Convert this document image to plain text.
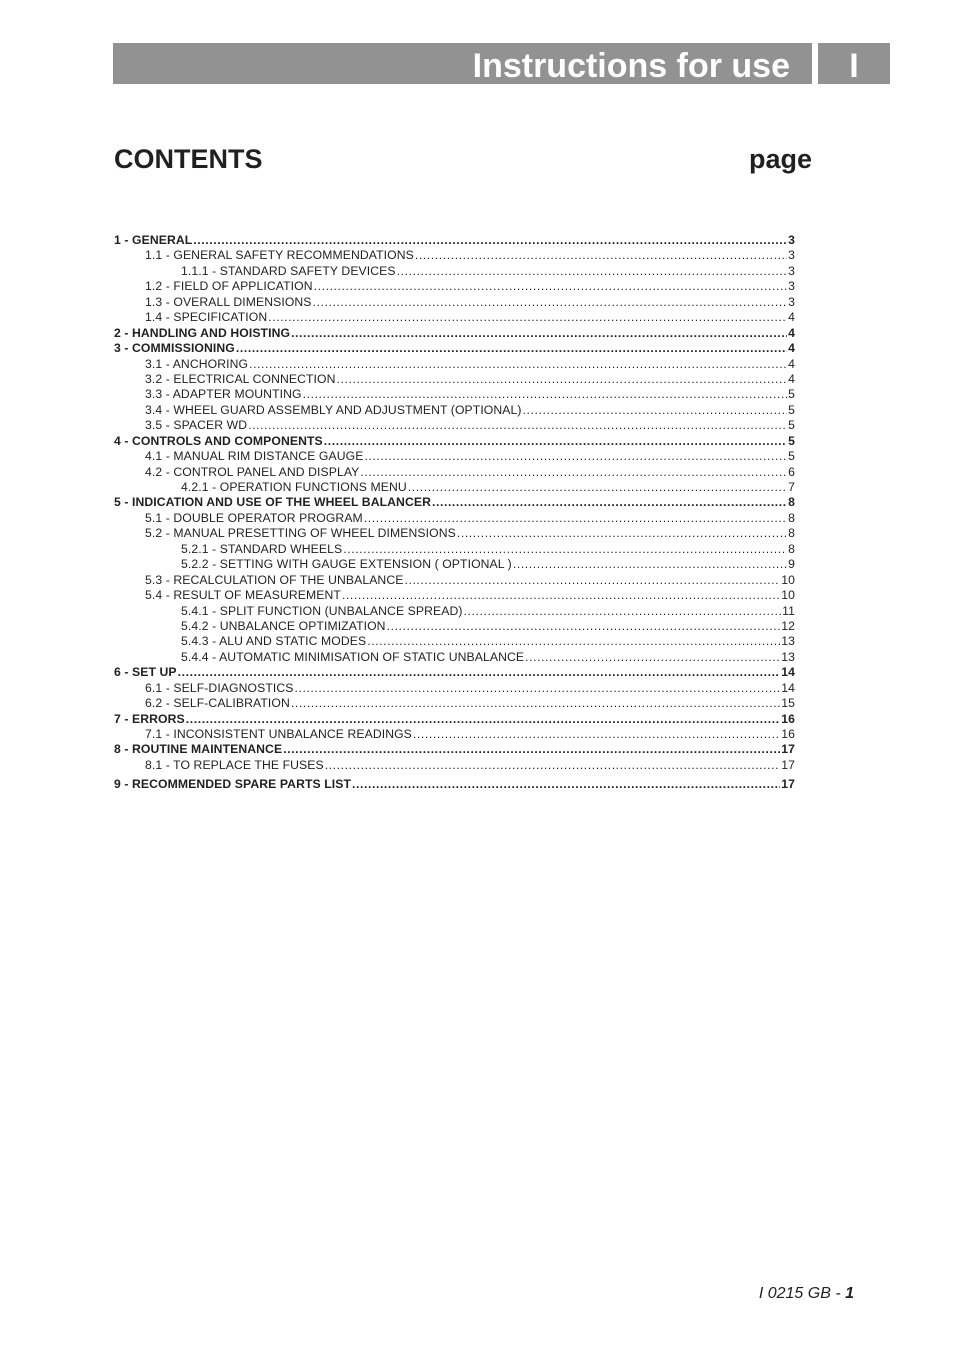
Instructions for use	I
CONTENTS	page
1 - GENERAL .....	3
1.1 - GENERAL SAFETY RECOMMENDATIONS .....	3
1.1.1 - STANDARD SAFETY DEVICES .....	3
1.2 - FIELD OF APPLICATION .....	3
1.3 - OVERALL DIMENSIONS .....	3
1.4 - SPECIFICATION .....	4
2 - HANDLING AND HOISTING .....	4
3 - COMMISSIONING .....	4
3.1 - ANCHORING .....	4
3.2 - ELECTRICAL CONNECTION .....	4
3.3 - ADAPTER MOUNTING .....	5
3.4 - WHEEL GUARD ASSEMBLY AND ADJUSTMENT (OPTIONAL) .....	5
3.5 - SPACER WD .....	5
4 - CONTROLS AND COMPONENTS .....	5
4.1 - MANUAL RIM DISTANCE GAUGE .....	5
4.2 - CONTROL PANEL AND DISPLAY .....	6
4.2.1 - OPERATION FUNCTIONS MENU .....	7
5 - INDICATION AND USE OF THE WHEEL BALANCER .....	8
5.1 - DOUBLE OPERATOR PROGRAM .....	8
5.2 - MANUAL PRESETTING OF WHEEL DIMENSIONS .....	8
5.2.1 - STANDARD WHEELS .....	8
5.2.2 - SETTING WITH GAUGE EXTENSION ( OPTIONAL ) .....	9
5.3 - RECALCULATION OF THE UNBALANCE .....	10
5.4 - RESULT OF MEASUREMENT .....	10
5.4.1 - SPLIT FUNCTION (UNBALANCE SPREAD) .....	11
5.4.2 - UNBALANCE OPTIMIZATION .....	12
5.4.3 - ALU AND STATIC MODES .....	13
5.4.4 - AUTOMATIC MINIMISATION OF STATIC UNBALANCE .....	13
6 - SET UP .....	14
6.1 - SELF-DIAGNOSTICS .....	14
6.2 - SELF-CALIBRATION .....	15
7 - ERRORS .....	16
7.1 - INCONSISTENT UNBALANCE READINGS .....	16
8 - ROUTINE MAINTENANCE .....	17
8.1 - TO REPLACE THE FUSES .....	17
9 - RECOMMENDED SPARE PARTS LIST .....	17
I 0215 GB - 1
